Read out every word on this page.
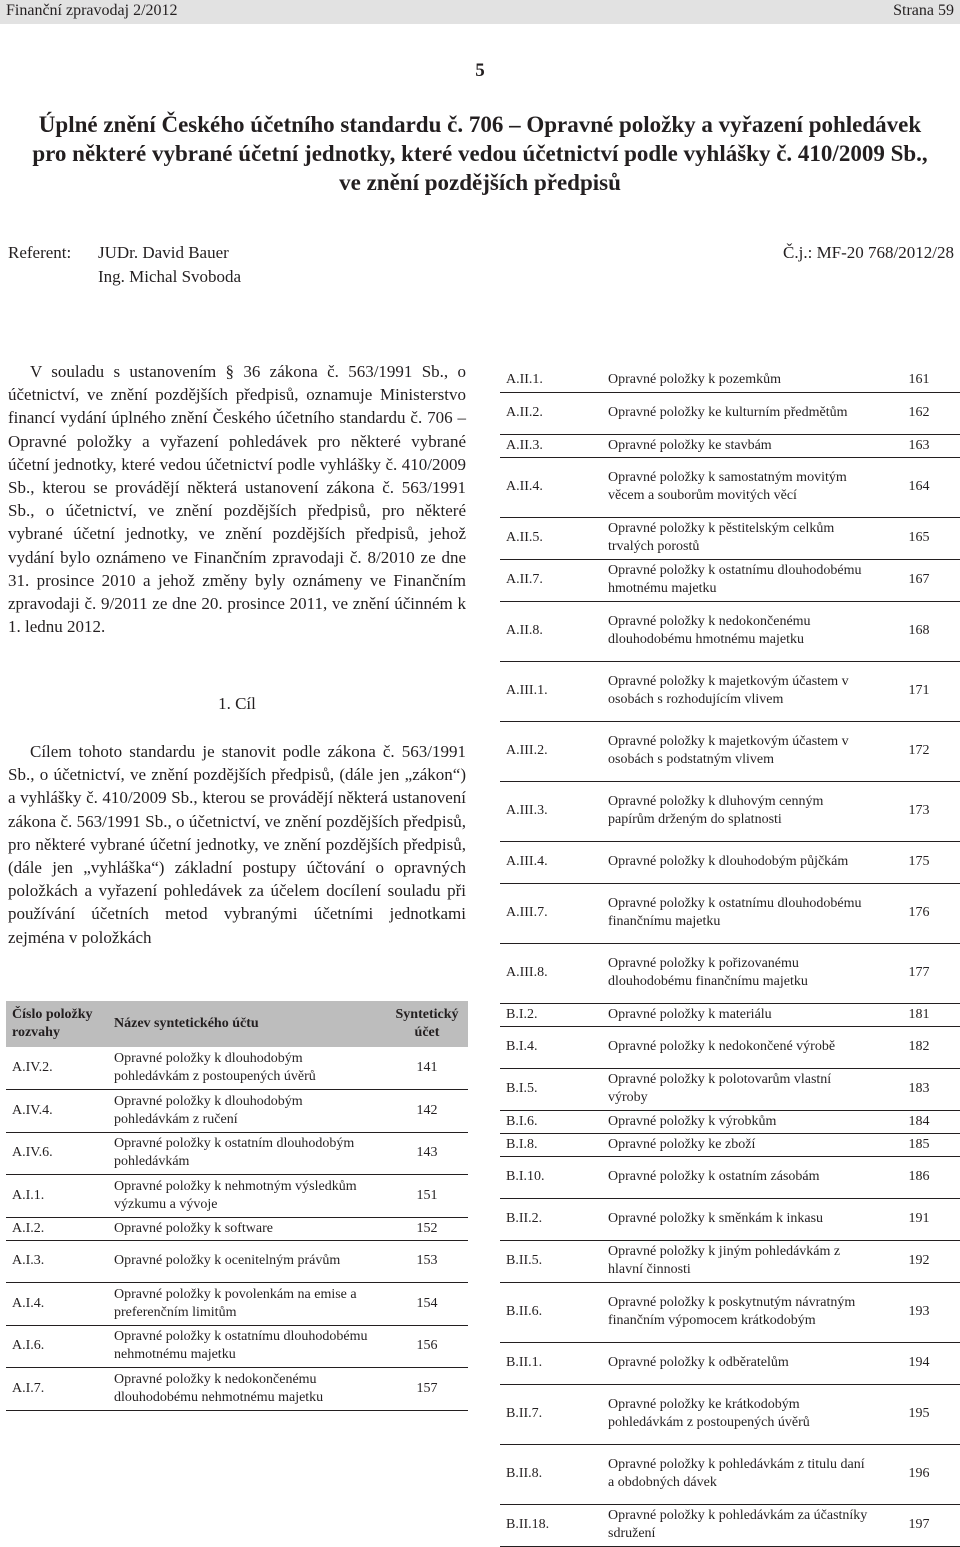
Finanční zpravodaj 2/2012	Strana 59
5
Úplné znění Českého účetního standardu č. 706 – Opravné položky a vyřazení pohledávek
pro některé vybrané účetní jednotky, které vedou účetnictví podle vyhlášky č. 410/2009 Sb.,
ve znění pozdějších předpisů
Referent: JUDr. David Bauer
Ing. Michal Svoboda
Č.j.: MF-20 768/2012/28

V souladu s ustanovením § 36 zákona č. 563/1991 Sb., o účetnictví, ve znění pozdějších předpisů, oznamuje Ministerstvo financí vydání úplného znění Českého účetního standardu č. 706 – Opravné položky a vyřazení pohledávek pro některé vybrané účetní jednotky, které vedou účetnictví podle vyhlášky č. 410/2009 Sb., kterou se provádějí některá ustanovení zákona č. 563/1991 Sb., o účetnictví, ve znění pozdějších předpisů, pro některé vybrané účetní jednotky, ve znění pozdějších předpisů, jehož vydání bylo oznámeno ve Finančním zpravodaji č. 8/2010 ze dne 31. prosince 2010 a jehož změny byly oznámeny ve Finančním zpravodaji č. 9/2011 ze dne 20. prosince 2011, ve znění účinném k 1. lednu 2012.

1. Cíl

Cílem tohoto standardu je stanovit podle zákona č. 563/1991 Sb., o účetnictví, ve znění pozdějších předpisů, (dále jen „zákon“) a vyhlášky č. 410/2009 Sb., kterou se provádějí některá ustanovení zákona č. 563/1991 Sb., o účetnictví, ve znění pozdějších předpisů, pro některé vybrané účetní jednotky, ve znění pozdějších předpisů, (dále jen „vyhláška“) základní postupy účtování o opravných položkách a vyřazení pohledávek za účelem docílení souladu při používání účetních metod vybranými účetními jednotkami zejména v položkách

Číslo položky rozvahy	Název syntetického účtu	Syntetický účet
A.IV.2.	Opravné položky k dlouhodobým pohledávkám z postoupených úvěrů	141
A.IV.4.	Opravné položky k dlouhodobým pohledávkám z ručení	142
A.IV.6.	Opravné položky k ostatním dlouhodobým pohledávkám	143
A.I.1.	Opravné položky k nehmotným výsledkům výzkumu a vývoje	151
A.I.2.	Opravné položky k software	152
A.I.3.	Opravné položky k ocenitelným právům	153
A.I.4.	Opravné položky k povolenkám na emise a preferenčním limitům	154
A.I.6.	Opravné položky k ostatnímu dlouhodobému nehmotnému majetku	156
A.I.7.	Opravné položky k nedokončenému dlouhodobému nehmotnému majetku	157
A.II.1.	Opravné položky k pozemkům	161
A.II.2.	Opravné položky ke kulturním předmětům	162
A.II.3.	Opravné položky ke stavbám	163
A.II.4.	Opravné položky k samostatným movitým věcem a souborům movitých věcí	164
A.II.5.	Opravné položky k pěstitelským celkům trvalých porostů	165
A.II.7.	Opravné položky k ostatnímu dlouhodobému hmotnému majetku	167
A.II.8.	Opravné položky k nedokončenému dlouhodobému hmotnému majetku	168
A.III.1.	Opravné položky k majetkovým účastem v osobách s rozhodujícím vlivem	171
A.III.2.	Opravné položky k majetkovým účastem v osobách s podstatným vlivem	172
A.III.3.	Opravné položky k dluhovým cenným papírům drženým do splatnosti	173
A.III.4.	Opravné položky k dlouhodobým půjčkám	175
A.III.7.	Opravné položky k ostatnímu dlouhodobému finančnímu majetku	176
A.III.8.	Opravné položky k pořizovanému dlouhodobému finančnímu majetku	177
B.I.2.	Opravné položky k materiálu	181
B.I.4.	Opravné položky k nedokončené výrobě	182
B.I.5.	Opravné položky k polotovarům vlastní výroby	183
B.I.6.	Opravné položky k výrobkům	184
B.I.8.	Opravné položky ke zboží	185
B.I.10.	Opravné položky k ostatním zásobám	186
B.II.2.	Opravné položky k směnkám k inkasu	191
B.II.5.	Opravné položky k jiným pohledávkám z hlavní činnosti	192
B.II.6.	Opravné položky k poskytnutým návratným finančním výpomocem krátkodobým	193
B.II.1.	Opravné položky k odběratelům	194
B.II.7.	Opravné položky ke krátkodobým pohledávkám z postoupených úvěrů	195
B.II.8.	Opravné položky k pohledávkám z titulu daní a obdobných dávek	196
B.II.18.	Opravné položky k pohledávkám za účastníky sdružení	197
